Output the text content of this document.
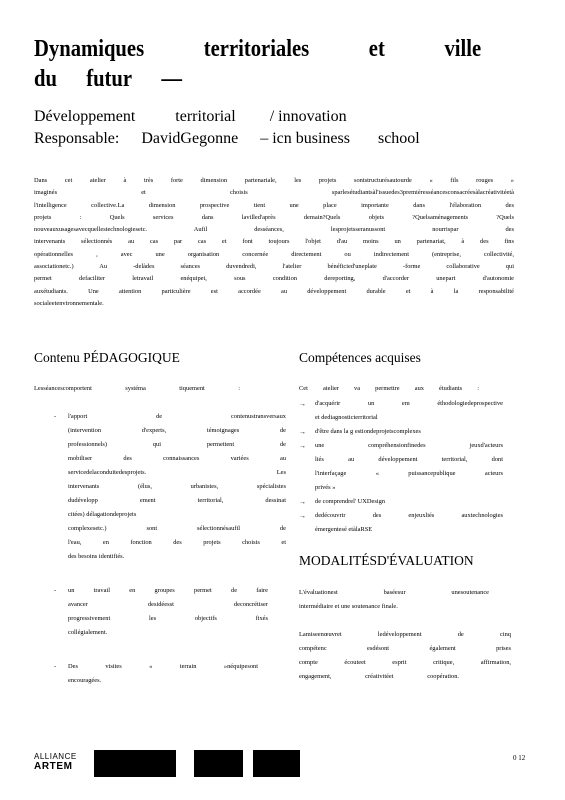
Dynamiques territoriales et ville
du futur —
Développement	territorial / innovation
Responsable: DavidGegonne – icn business school

Dans cet atelier à très forte dimension partenariale, les projets sontstructurésautourde « fils rouges »

imaginés et choisis sparlesétudiantsàl'issuedes3premièresséancesconsacréesàlacréativitéetà

l'intelligence collective.La dimension prospective tient une place importante dans l'élaboration des

projets : Quels services dans lavilled'après demain?Quels objets ?Quelsaménagements ?Quels

nouveauxusagesavecquellestechnologiesetc. Aufil desséances, lesprojetsseranussont nourrispar des

intervenants sélectionnés au cas par cas et font toujours l'objet d'au moins un partenariat, à des fins

opérationnelles , avec une organisation concernée directement ou indirectement (entreprise, collectivité,

associationetc.) Au -delàdes séances duvendredi, l'atelier bénéficied'uneplate -forme collaborative qui

permet defaciliter letravail enéquipet, sous condition dereporting, d'accorder unepart d'autonomie

auxétudiants. Une attention particulière est accordée au développement durable et à la responsabilité

socialeetenvironnementale.

Contenu PÉDAGOGIQUE	Compétences acquises

Lesséancescomportent systéma tiquement :

- l'apport de contenustransversaux
(intervention d'experts, témoignages de
professionnels) qui permettent de
mobiliser des connaissances variées au
servicedelaconduitedesprojets. Les
intervenants (élus, urbanistes, spécialistes
dudévelopp ement territorial, dessinat
citées) délagationdeprojets
complexesetc.) sont sélectionnésaufil de
l'eau, en fonction des projets choisis et
des besoins identifiés.
- un travail en groupes permet de faire
avancer desidéesst deconcrétiser
progressivement les objectifs fixés
collégialement.
- Des visites « terrain »néquipesont
encouragées.

Cet atelier va permettre aux étudiants :

→ d'acquérir un em éthodologiedeprospective
et dediagnosticterritorial
→ d'être dans la g estiondeprojetscomplexes
→ une compréhensionfinedes jeuxd'acteurs
liés au développement territorial, dont
l'interfaçage « puissancepublique acteurs
privés »
→ de comprendrel' UXDesign
→ dedécouvrir des enjeuxliés auxtechnologies
émergentesé etàlaRSE
MODALITÉSD'ÉVALUATION
L'évaluationest baséesur unesoutenance
intermédiaire et une soutenance finale.
Lamiseenœuvret ledéveloppement de cinq
compétenc esdésont également prises
compte écouteet esprit critique, affirmation,
engagement, créativitéet coopération.
ALLIANCE
ARTEM
0 12
